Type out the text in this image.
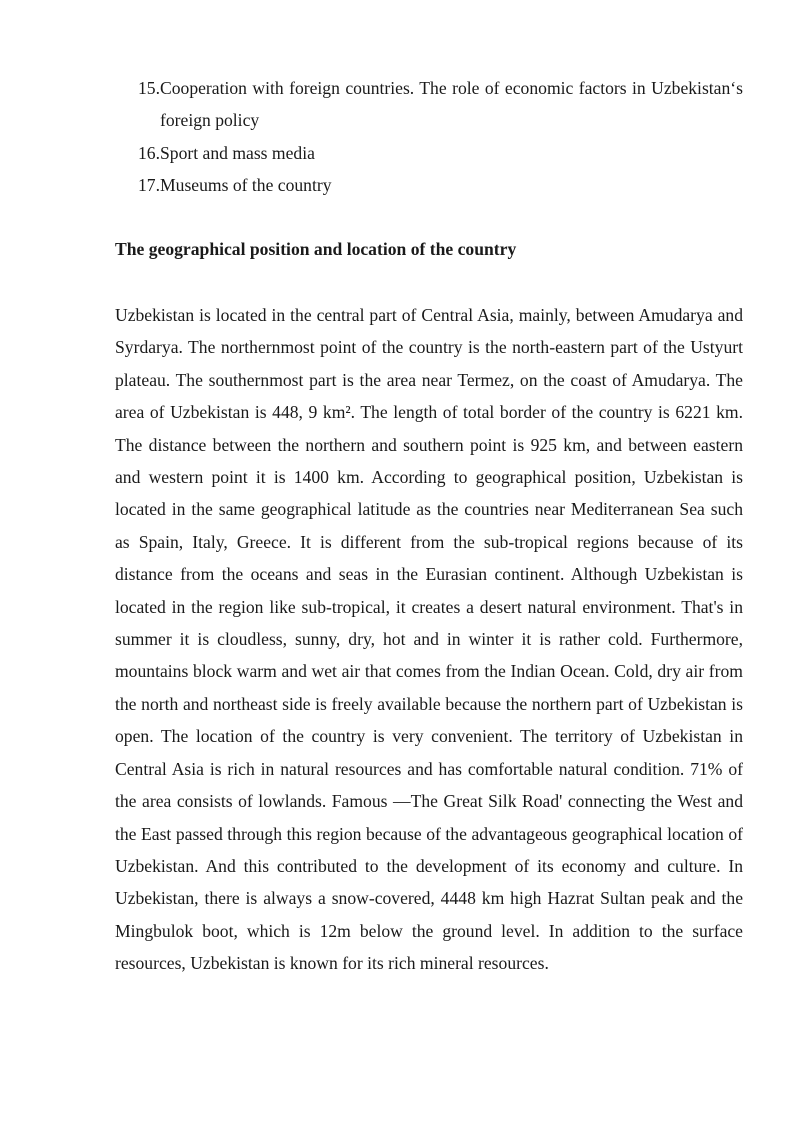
15. Cooperation with foreign countries. The role of economic factors in Uzbekistan‘s foreign policy
16. Sport and mass media
17. Museums of the country
The geographical position and location of the country

Uzbekistan is located in the central part of Central Asia, mainly, between Amudarya and Syrdarya. The northernmost point of the country is the north-eastern part of the Ustyurt plateau. The southernmost part is the area near Termez, on the coast of Amudarya. The area of Uzbekistan is 448, 9 km². The length of total border of the country is 6221 km. The distance between the northern and southern point is 925 km, and between eastern and western point it is 1400 km. According to geographical position, Uzbekistan is located in the same geographical latitude as the countries near Mediterranean Sea such as Spain, Italy, Greece. It is different from the sub-tropical regions because of its distance from the oceans and seas in the Eurasian continent. Although Uzbekistan is located in the region like sub-tropical, it creates a desert natural environment. That's in summer it is cloudless, sunny, dry, hot and in winter it is rather cold. Furthermore, mountains block warm and wet air that comes from the Indian Ocean. Cold, dry air from the north and northeast side is freely available because the northern part of Uzbekistan is open. The location of the country is very convenient. The territory of Uzbekistan in Central Asia is rich in natural resources and has comfortable natural condition. 71% of the area consists of lowlands. Famous ―The Great Silk Road' connecting the West and the East passed through this region because of the advantageous geographical location of Uzbekistan. And this contributed to the development of its economy and culture. In Uzbekistan, there is always a snow-covered, 4448 km high Hazrat Sultan peak and the Mingbulok boot, which is 12m below the ground level. In addition to the surface resources, Uzbekistan is known for its rich mineral resources.
